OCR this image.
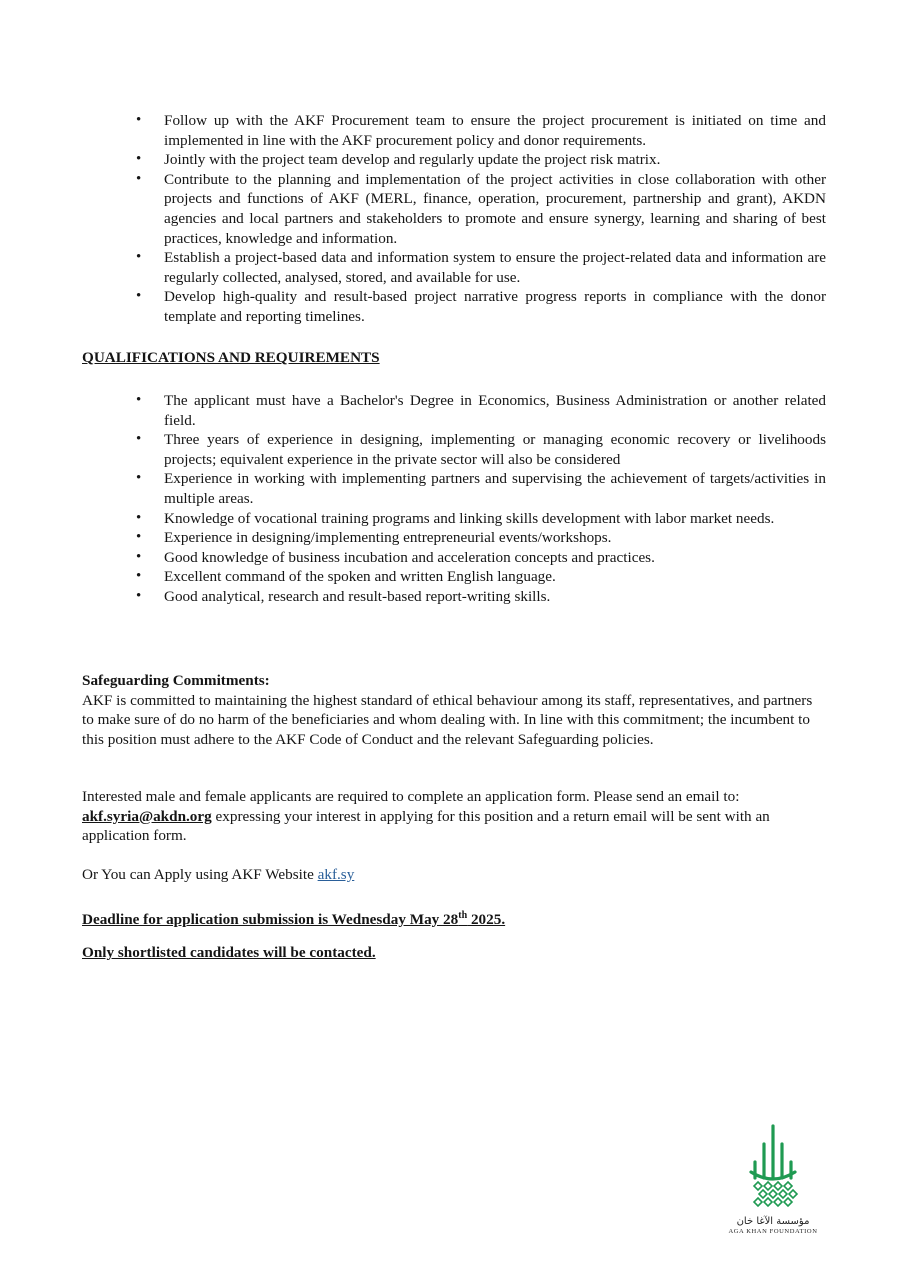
• Follow up with the AKF Procurement team to ensure the project procurement is initiated on time and implemented in line with the AKF procurement policy and donor requirements.
• Jointly with the project team develop and regularly update the project risk matrix.
• Contribute to the planning and implementation of the project activities in close collaboration with other projects and functions of AKF (MERL, finance, operation, procurement, partnership and grant), AKDN agencies and local partners and stakeholders to promote and ensure synergy, learning and sharing of best practices, knowledge and information.
• Establish a project-based data and information system to ensure the project-related data and information are regularly collected, analysed, stored, and available for use.
• Develop high-quality and result-based project narrative progress reports in compliance with the donor template and reporting timelines.
QUALIFICATIONS AND REQUIREMENTS
• The applicant must have a Bachelor's Degree in Economics, Business Administration or another related field.
• Three years of experience in designing, implementing or managing economic recovery or livelihoods projects; equivalent experience in the private sector will also be considered
• Experience in working with implementing partners and supervising the achievement of targets/activities in multiple areas.
• Knowledge of vocational training programs and linking skills development with labor market needs.
• Experience in designing/implementing entrepreneurial events/workshops.
• Good knowledge of business incubation and acceleration concepts and practices.
• Excellent command of the spoken and written English language.
• Good analytical, research and result-based report-writing skills.
Safeguarding Commitments:
AKF is committed to maintaining the highest standard of ethical behaviour among its staff, representatives, and partners to make sure of do no harm of the beneficiaries and whom dealing with. In line with this commitment; the incumbent to this position must adhere to the AKF Code of Conduct and the relevant Safeguarding policies.
Interested male and female applicants are required to complete an application form. Please send an email to:
akf.syria@akdn.org expressing your interest in applying for this position and a return email will be sent with an application form.
Or You can Apply using AKF Website akf.sy
Deadline for application submission is Wednesday May 28th 2025.
Only shortlisted candidates will be contacted.
مؤسسة الآغا خان
AGA KHAN FOUNDATION
